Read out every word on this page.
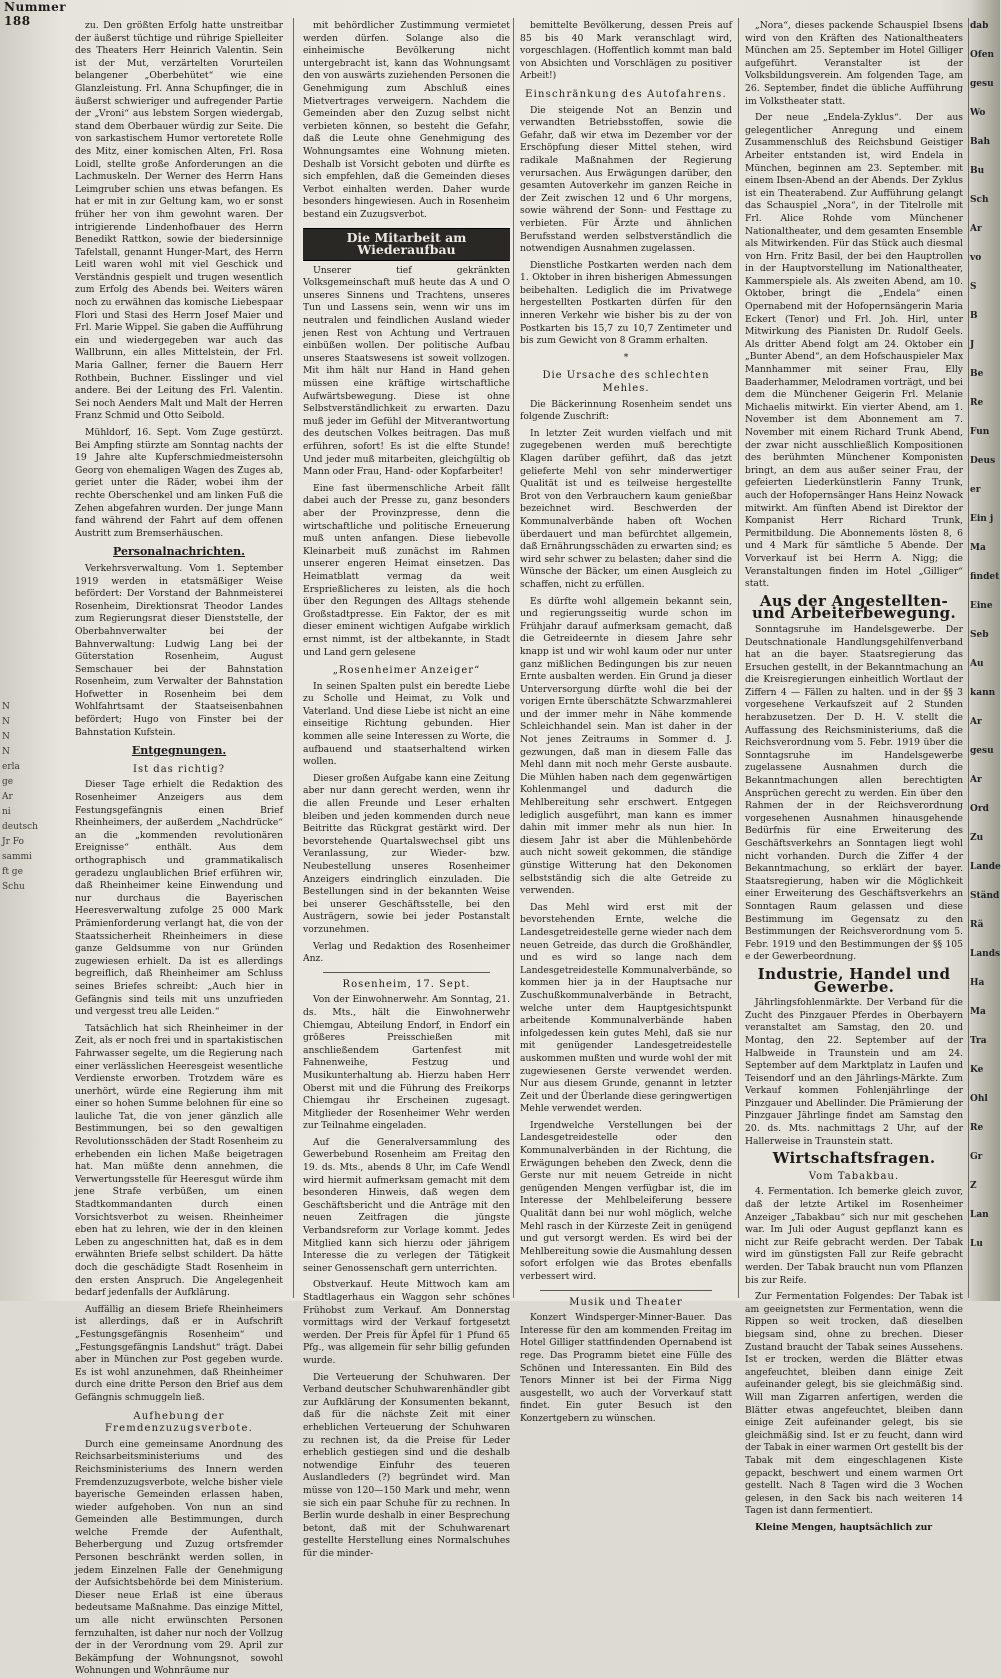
Nummer 188
N
N
N
N
erla
ge
Ar
ni
deutsch
Jr Fo
sammi
ft ge
Schu

zu. Den größten Erfolg hatte unstreitbar der äußerst tüchtige und rührige Spielleiter des Theaters Herr Heinrich Valentin. Sein ist der Mut, verzärtelten Vorurteilen belangener „Oberbehütet“ wie eine Glanzleistung. Frl. Anna Schupfinger, die in äußerst schwieriger und aufregender Partie der „Vroni“ aus lebstem Sorgen wiedergab, stand dem Oberbauer würdig zur Seite. Die von sarkastischem Humor vertoretete Rolle des Mitz, einer komischen Alten, Frl. Rosa Loidl, stellte große Anforderungen an die Lachmuskeln. Der Werner des Herrn Hans Leimgruber schien uns etwas befangen. Es hat er mit in zur Geltung kam, wo er sonst früher her von ihm gewohnt waren. Der intrigierende Lindenhofbauer des Herrn Benedikt Rattkon, sowie der biedersinnige Tafelstall, genannt Hunger-Mart, des Herrn Leitl waren wohl mit viel Geschick und Verständnis gespielt und trugen wesentlich zum Erfolg des Abends bei. Weiters wären noch zu erwähnen das komische Liebespaar Flori und Stasi des Herrn Josef Maier und Frl. Marie Wippel. Sie gaben die Aufführung ein und wiedergegeben war auch das Wallbrunn, ein alles Mittelstein, der Frl. Maria Gallner, ferner die Bauern Herr Rothbein, Buchner. Eisslinger und viel andere. Bei der Leitung des Frl. Valentin. Sei noch Aenders Malt und Malt der Herren Franz Schmid und Otto Seibold.

Mühldorf, 16. Sept. Vom Zuge gestürzt. Bei Ampfing stürzte am Sonntag nachts der 19 Jahre alte Kupferschmiedmeistersohn Georg von ehemaligen Wagen des Zuges ab, geriet unter die Räder, wobei ihm der rechte Oberschenkel und am linken Fuß die Zehen abgefahren wurden. Der junge Mann fand während der Fahrt auf dem offenen Austritt zum Bremserhäuschen.

Personalnachrichten.

Verkehrsverwaltung. Vom 1. September 1919 werden in etatsmäßiger Weise befördert: Der Vorstand der Bahnmeisterei Rosenheim, Direktionsrat Theodor Landes zum Regierungsrat dieser Dienststelle, der Oberbahnverwalter bei der Bahnverwaltung: Ludwig Lang bei der Güterstation Rosenheim, August Semschauer bei der Bahnstation Rosenheim, zum Verwalter der Bahnstation Hofwetter in Rosenheim bei dem Wohlfahrtsamt der Staatseisenbahnen befördert; Hugo von Finster bei der Bahnstation Kufstein.

Entgegnungen.
Ist das richtig?

Dieser Tage erhielt die Redaktion des Rosenheimer Anzeigers aus dem Festungsgefängnis einen Brief Rheinheimers, der außerdem „Nachdrücke“ an die „kommenden revolutionären Ereignisse“ enthält. Aus dem orthographisch und grammatikalisch geradezu unglaublichen Brief erführen wir, daß Rheinheimer keine Einwendung und nur durchaus die Bayerischen Heeresverwaltung zufolge 25 000 Mark Prämienforderung verlangt hat, die von der Staatssicherheit Rheinheimers in diese ganze Geldsumme von nur Gründen zugewiesen erhielt. Da ist es allerdings begreiflich, daß Rheinheimer am Schluss seines Briefes schreibt: „Auch hier in Gefängnis sind teils mit uns unzufrieden und vergesst treu alle Leiden.“

Tatsächlich hat sich Rheinheimer in der Zeit, als er noch frei und in spartakistischen Fahrwasser segelte, um die Regierung nach einer verlässlichen Heeresgeist wesentliche Verdienste erworben. Trotzdem wäre es unerhört, würde eine Regierung ihm mit einer so hohen Summe belohnen für eine so lauliche Tat, die von jener gänzlich alle Bestimmungen, bei so den gewaltigen Revolutionsschäden der Stadt Rosenheim zu erhebenden ein lichen Maße beigetragen hat. Man müßte denn annehmen, die Verwertungsstelle für Heeresgut würde ihm jene Strafe verbüßen, um einen Stadtkommandanten durch einen Vorsichtsverbot zu weisen. Rheinheimer eben hat zu lehren, wie der in den kleinen Leben zu angeschnitten hat, daß es in dem erwähnten Briefe selbst schildert. Da hätte doch die geschädigte Stadt Rosenheim in den ersten Anspruch. Die Angelegenheit bedarf jedenfalls der Aufklärung.

Auffällig an diesem Briefe Rheinheimers ist allerdings, daß er in Aufschrift „Festungsgefängnis Rosenheim“ und „Festungsgefängnis Landshut“ trägt. Dabei aber in München zur Post gegeben wurde. Es ist wohl anzunehmen, daß Rheinheimer durch eine dritte Person den Brief aus dem Gefängnis schmuggeln ließ.

Aufhebung der Fremdenzuzugsverbote.

Durch eine gemeinsame Anordnung des Reichsarbeitsministeriums und des Reichsministeriums des Innern werden Fremdenzuzugsverbote, welche bisher viele bayerische Gemeinden erlassen haben, wieder aufgehoben. Von nun an sind Gemeinden alle Bestimmungen, durch welche Fremde der Aufenthalt, Beherbergung und Zuzug ortsfremder Personen beschränkt werden sollen, in jedem Einzelnen Falle der Genehmigung der Aufsichtsbehörde bei dem Ministerium. Dieser neue Erlaß ist eine überaus bedeutsame Maßnahme. Das einzige Mittel, um alle nicht erwünschten Personen fernzuhalten, ist daher nur noch der Vollzug der in der Verordnung vom 29. April zur Bekämpfung der Wohnungsnot, sowohl Wohnungen und Wohnräume nur

mit behördlicher Zustimmung vermietet werden dürfen. Solange also die einheimische Bevölkerung nicht untergebracht ist, kann das Wohnungsamt den von auswärts zuziehenden Personen die Genehmigung zum Abschluß eines Mietvertrages verweigern. Nachdem die Gemeinden aber den Zuzug selbst nicht verbieten können, so besteht die Gefahr, daß die Leute ohne Genehmigung des Wohnungsamtes eine Wohnung mieten. Deshalb ist Vorsicht geboten und dürfte es sich empfehlen, daß die Gemeinden dieses Verbot einhalten werden. Daher wurde besonders hingewiesen. Auch in Rosenheim bestand ein Zuzugsverbot.

Die Mitarbeit am Wiederaufbau

Unserer tief gekränkten Volksgemeinschaft muß heute das A und O unseres Sinnens und Trachtens, unseres Tun und Lassens sein, wenn wir uns im neutralen und feindlichen Ausland wieder jenen Rest von Achtung und Vertrauen einbüßen wollen. Der politische Aufbau unseres Staatswesens ist soweit vollzogen. Mit ihm hält nur Hand in Hand gehen müssen eine kräftige wirtschaftliche Aufwärtsbewegung. Diese ist ohne Selbstverständlichkeit zu erwarten. Dazu muß jeder im Gefühl der Mitverantwortung des deutschen Volkes beitragen. Das muß erführen, sofort! Es ist die elfte Stunde! Und jeder muß mitarbeiten, gleichgültig ob Mann oder Frau, Hand- oder Kopfarbeiter!

Eine fast übermenschliche Arbeit fällt dabei auch der Presse zu, ganz besonders aber der Provinzpresse, denn die wirtschaftliche und politische Erneuerung muß unten anfangen. Diese liebevolle Kleinarbeit muß zunächst im Rahmen unserer engeren Heimat einsetzen. Das Heimatblatt vermag da weit Ersprießlicheres zu leisten, als die hoch über den Regungen des Alltags stehende Großstadtpresse. Ein Faktor, der es mit dieser eminent wichtigen Aufgabe wirklich ernst nimmt, ist der altbekannte, in Stadt und Land gern gelesene

„Rosenheimer Anzeiger“

In seinen Spalten pulst ein beredte Liebe zu Scholle und Heimat, zu Volk und Vaterland. Und diese Liebe ist nicht an eine einseitige Richtung gebunden. Hier kommen alle seine Interessen zu Worte, die aufbauend und staatserhaltend wirken wollen.

Dieser großen Aufgabe kann eine Zeitung aber nur dann gerecht werden, wenn ihr die allen Freunde und Leser erhalten bleiben und jeden kommenden durch neue Beitritte das Rückgrat gestärkt wird. Der bevorstehende Quartalswechsel gibt uns Veranlassung, zur Wieder- bzw. Neubestellung unseres Rosenheimer Anzeigers eindringlich einzuladen. Die Bestellungen sind in der bekannten Weise bei unserer Geschäftsstelle, bei den Austrägern, sowie bei jeder Postanstalt vorzunehmen.

Verlag und Redaktion des Rosenheimer Anz.

Rosenheim, 17. Sept.

Von der Einwohnerwehr. Am Sonntag, 21. ds. Mts., hält die Einwohnerwehr Chiemgau, Abteilung Endorf, in Endorf ein größeres Preisschießen mit anschließendem Gartenfest mit Fahnenweihe, Festzug und Musikunterhaltung ab. Hierzu haben Herr Oberst mit und die Führung des Freikorps Chiemgau ihr Erscheinen zugesagt. Mitglieder der Rosenheimer Wehr werden zur Teilnahme eingeladen.

Auf die Generalversammlung des Gewerbebund Rosenheim am Freitag den 19. ds. Mts., abends 8 Uhr, im Cafe Wendl wird hiermit aufmerksam gemacht mit dem besonderen Hinweis, daß wegen dem Geschäftsbericht und die Anträge mit den neuen Zeitfragen die jüngste Verbandsreform zur Vorlage kommt. Jedes Mitglied kann sich hierzu oder jährigem Interesse die zu verlegen der Tätigkeit seiner Genossenschaft gern unterrichten.

Obstverkauf. Heute Mittwoch kam am Stadtlagerhaus ein Waggon sehr schönes Frühobst zum Verkauf. Am Donnerstag vormittags wird der Verkauf fortgesetzt werden. Der Preis für Äpfel für 1 Pfund 65 Pfg., was allgemein für sehr billig gefunden wurde.

Die Verteuerung der Schuhwaren. Der Verband deutscher Schuhwarenhändler gibt zur Aufklärung der Konsumenten bekannt, daß für die nächste Zeit mit einer erheblichen Verteuerung der Schuhwaren zu rechnen ist, da die Preise für Leder erheblich gestiegen sind und die deshalb notwendige Einfuhr des teueren Auslandleders (?) begründet wird. Man müsse von 120—150 Mark und mehr, wenn sie sich ein paar Schuhe für zu rechnen. In Berlin wurde deshalb in einer Besprechung betont, daß mit der Schuhwarenart gestellte Herstellung eines Normalschuhes für die minder-

bemittelte Bevölkerung, dessen Preis auf 85 bis 40 Mark veranschlagt wird, vorgeschlagen. (Hoffentlich kommt man bald von Absichten und Vorschlägen zu positiver Arbeit!)

Einschränkung des Autofahrens.

Die steigende Not an Benzin und verwandten Betriebsstoffen, sowie die Gefahr, daß wir etwa im Dezember vor der Erschöpfung dieser Mittel stehen, wird radikale Maßnahmen der Regierung verursachen. Aus Erwägungen darüber, den gesamten Autoverkehr im ganzen Reiche in der Zeit zwischen 12 und 6 Uhr morgens, sowie während der Sonn- und Festtage zu verbieten. Für Ärzte und ähnlichen Berufsstand werden selbstverständlich die notwendigen Ausnahmen zugelassen.

Dienstliche Postkarten werden nach dem 1. Oktober in ihren bisherigen Abmessungen beibehalten. Lediglich die im Privatwege hergestellten Postkarten dürfen für den inneren Verkehr wie bisher bis zu der von Postkarten bis 15,7 zu 10,7 Zentimeter und bis zum Gewicht von 8 Gramm erhalten.

*
Die Ursache des schlechten Mehles.

Die Bäckerinnung Rosenheim sendet uns folgende Zuschrift:

In letzter Zeit wurden vielfach und mit zugegebenen werden muß berechtigte Klagen darüber geführt, daß das jetzt gelieferte Mehl von sehr minderwertiger Qualität ist und es teilweise hergestellte Brot von den Verbrauchern kaum genießbar bezeichnet wird. Beschwerden der Kommunalverbände haben oft Wochen überdauert und man befürchtet allgemein, daß Ernährungsschäden zu erwarten sind; es wird sehr schwer zu belasten; daher sind die Wünsche der Bäcker, um einen Ausgleich zu schaffen, nicht zu erfüllen.

Es dürfte wohl allgemein bekannt sein, und regierungsseitig wurde schon im Frühjahr darauf aufmerksam gemacht, daß die Getreideernte in diesem Jahre sehr knapp ist und wir wohl kaum oder nur unter ganz mißlichen Bedingungen bis zur neuen Ernte ausbalten werden. Ein Grund ja dieser Unterversorgung dürfte wohl die bei der vorigen Ernte überschätzte Schwarzmahlerei und der immer mehr in Nähe kommende Schleichhandel sein. Man ist daher in der Not jenes Zeitraums in Sommer d. J. gezwungen, daß man in diesem Falle das Mehl dann mit noch mehr Gerste ausbaute. Die Mühlen haben nach dem gegenwärtigen Kohlenmangel und dadurch die Mehlbereitung sehr erschwert. Entgegen lediglich ausgeführt, man kann es immer dahin mit immer mehr als nun hier. In diesem Jahr ist aber die Mühlenbehörde auch nicht soweit gekommen, die ständige günstige Witterung hat den Dekonomen selbstständig sich die alte Getreide zu verwenden.

Das Mehl wird erst mit der bevorstehenden Ernte, welche die Landesgetreidestelle gerne wieder nach dem neuen Getreide, das durch die Großhändler, und es wird so lange nach dem Landesgetreidestelle Kommunalverbände, so kommen hier ja in der Hauptsache nur Zuschußkommunalverbände in Betracht, welche unter dem Hauptgesichtspunkt arbeitende Kommunalverbände haben infolgedessen kein gutes Mehl, daß sie nur mit genügender Landesgetreidestelle auskommen mußten und wurde wohl der mit zugewiesenen Gerste verwendet werden. Nur aus diesem Grunde, genannt in letzter Zeit und der Überlande diese geringwertigen Mehle verwendet werden.

Irgendwelche Verstellungen bei der Landesgetreidestelle oder den Kommunalverbänden in der Richtung, die Erwägungen beheben den Zweck, denn die Gerste nur mit neuem Getreide in nicht genügenden Mengen verfügbar ist, die im Interesse der Mehlbeleiferung bessere Qualität dann bei nur wohl möglich, welche Mehl rasch in der Kürzeste Zeit in genügend und gut versorgt werden. Es wird bei der Mehlbereitung sowie die Ausmahlung dessen sofort erfolgen wie das Brotes ebenfalls verbessert wird.

Musik und Theater

Konzert Windsperger-Minner-Bauer. Das Interesse für den am kommenden Freitag im Hotel Gilliger stattfindenden Opernabend ist rege. Das Programm bietet eine Fülle des Schönen und Interessanten. Ein Bild des Tenors Minner ist bei der Firma Nigg ausgestellt, wo auch der Vorverkauf statt findet. Ein guter Besuch ist den Konzertgebern zu wünschen.

„Nora“, dieses packende Schauspiel Ibsens wird von den Kräften des Nationaltheaters München am 25. September im Hotel Gilliger aufgeführt. Veranstalter ist der Volksbildungsverein. Am folgenden Tage, am 26. September, findet die übliche Aufführung im Volkstheater statt.

Der neue „Endela-Zyklus“. Der aus gelegentlicher Anregung und einem Zusammenschluß des Reichsbund Geistiger Arbeiter entstanden ist, wird Endela in München, beginnen am 23. September. mit einem Ibsen-Abend an der Abends. Der Zyklus ist ein Theaterabend. Zur Aufführung gelangt das Schauspiel „Nora“, in der Titelrolle mit Frl. Alice Rohde vom Münchener Nationaltheater, und dem gesamten Ensemble als Mitwirkenden. Für das Stück auch diesmal von Hrn. Fritz Basil, der bei den Hauptrollen in der Hauptvorstellung im Nationaltheater, Kammerspiele als. Als zweiten Abend, am 10. Oktober, bringt die „Endela“ einen Opernabend mit der Hofopernsängerin Maria Eckert (Tenor) und Frl. Joh. Hirl, unter Mitwirkung des Pianisten Dr. Rudolf Geels. Als dritter Abend folgt am 24. Oktober ein „Bunter Abend“, an dem Hofschauspieler Max Mannhammer mit seiner Frau, Elly Baaderhammer, Melodramen vorträgt, und bei dem die Münchener Geigerin Frl. Melanie Michaelis mitwirkt. Ein vierter Abend, am 1. November ist dem Abonnement am 7. November mit einem Richard Trunk Abend, der zwar nicht ausschließlich Kompositionen des berühmten Münchener Komponisten bringt, an dem aus außer seiner Frau, der gefeierten Liederkünstlerin Fanny Trunk, auch der Hofopernsänger Hans Heinz Nowack mitwirkt. Am fünften Abend ist Direktor der Kompanist Herr Richard Trunk, Permitbildung. Die Abonnements lösten 8, 6 und 4 Mark für sämtliche 5 Abende. Der Vorverkauf ist bei Herrn A. Nigg; die Veranstaltungen finden im Hotel „Gilliger“ statt.

Aus der Angestellten- und Arbeiterbewegung.

Sonntagsruhe im Handelsgewerbe. Der Deutschnationale Handlungsgehilfenverband hat an die bayer. Staatsregierung das Ersuchen gestellt, in der Bekanntmachung an die Kreisregierungen einheitlich Wortlaut der Ziffern 4 — Fällen zu halten. und in der §§ 3 vorgesehene Verkaufszeit auf 2 Stunden herabzusetzen. Der D. H. V. stellt die Auffassung des Reichsministeriums, daß die Reichsverordnung vom 5. Febr. 1919 über die Sonntagsruhe im Handelsgewerbe zugelassene Ausnahmen durch die Bekanntmachungen allen berechtigten Ansprüchen gerecht zu werden. Ein über den Rahmen der in der Reichsverordnung vorgesehenen Ausnahmen hinausgehende Bedürfnis für eine Erweiterung des Geschäftsverkehrs an Sonntagen liegt wohl nicht vorhanden. Durch die Ziffer 4 der Bekanntmachung, so erklärt der bayer. Staatsregierung, haben wir die Möglichkeit einer Erweiterung des Geschäftsverkehrs an Sonntagen Raum gelassen und diese Bestimmung im Gegensatz zu den Bestimmungen der Reichsverordnung vom 5. Febr. 1919 und den Bestimmungen der §§ 105 e der Gewerbeordnung.

Industrie, Handel und Gewerbe.

Jährlingsfohlenmärkte. Der Verband für die Zucht des Pinzgauer Pferdes in Oberbayern veranstaltet am Samstag, den 20. und Montag, den 22. September auf der Halbweide in Traunstein und am 24. September auf dem Marktplatz in Laufen und Teisendorf und an den Jährlings-Märkte. Zum Verkauf kommen Fohlenjährlinge der Pinzgauer und Abellinder. Die Prämierung der Pinzgauer Jährlinge findet am Samstag den 20. ds. Mts. nachmittags 2 Uhr, auf der Hallerweise in Traunstein statt.

Wirtschaftsfragen.
Vom Tabakbau.

4. Fermentation. Ich bemerke gleich zuvor, daß der letzte Artikel im Rosenheimer Anzeiger „Tabakbau“ sich nur mit geschehen war. Im Juli oder August gepflanzt kann es nicht zur Reife gebracht werden. Der Tabak wird im günstigsten Fall zur Reife gebracht werden. Der Tabak braucht nun vom Pflanzen bis zur Reife.

Zur Fermentation Folgendes: Der Tabak ist am geeignetsten zur Fermentation, wenn die Rippen so weit trocken, daß dieselben biegsam sind, ohne zu brechen. Dieser Zustand braucht der Tabak seines Aussehens. Ist er trocken, werden die Blätter etwas angefeuchtet, bleiben dann einige Zeit aufeinander gelegt, bis sie gleichmäßig sind. Will man Zigarren anfertigen, werden die Blätter etwas angefeuchtet, bleiben dann einige Zeit aufeinander gelegt, bis sie gleichmäßig sind. Ist er zu feucht, dann wird der Tabak in einer warmen Ort gestellt bis der Tabak mit dem eingeschlagenen Kiste gepackt, beschwert und einem warmen Ort gestellt. Nach 8 Tagen wird die 3 Wochen gelesen, in den Sack bis nach weiteren 14 Tagen ist dann fermentiert.

Kleine Mengen, hauptsächlich zur

dab
Ofen
gesu
Wo
Bah
Bu
Sch
Ar
vo
S
B
J
Be
Re
Fun
Deus
er
Ein j
Ma
findet
Eine
Seb
Au
kann
Ar
gesu
Ar
Ord
Zu
Lande
Ständ
Rä
Lands
Ha
Ma
Tra
Ke
Ohl
Re
Gr
Z
Lan
Lu
